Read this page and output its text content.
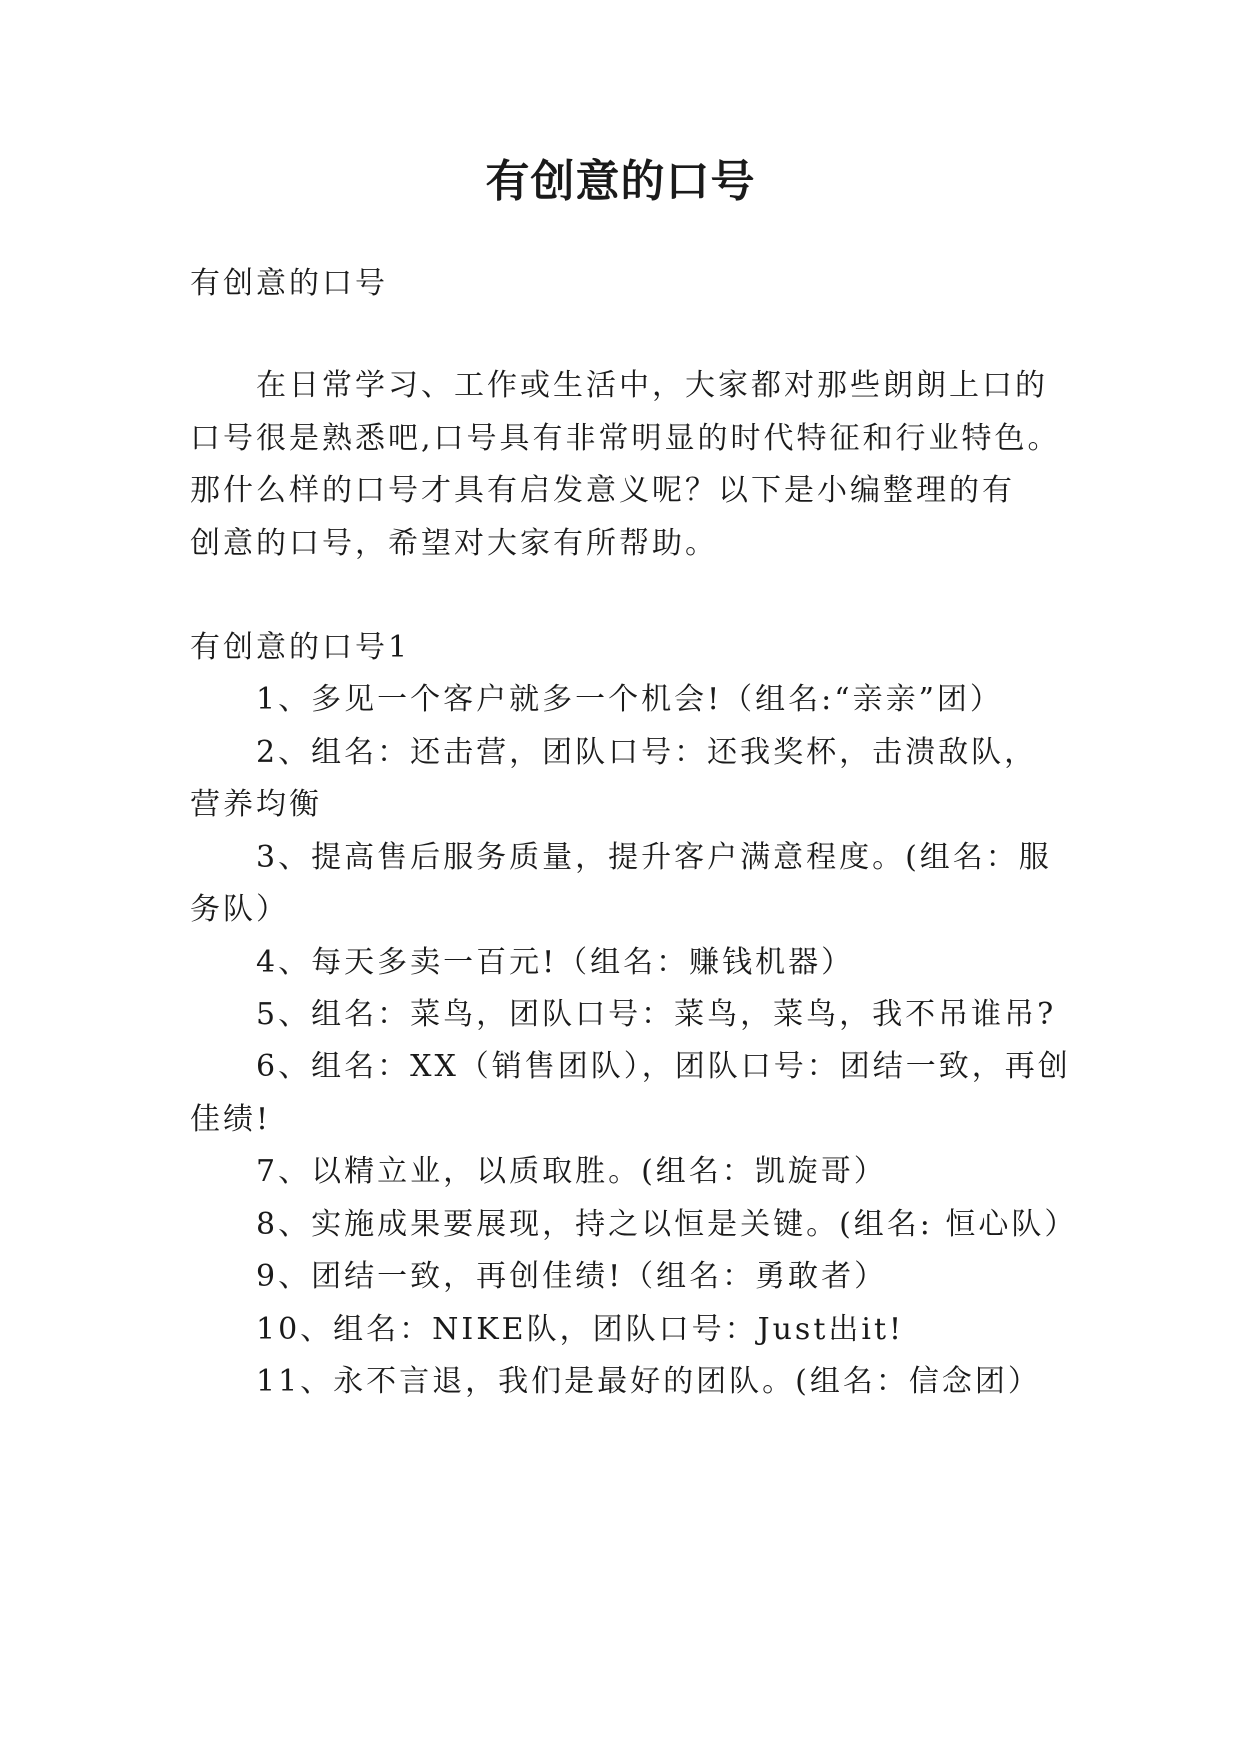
有创意的口号

有创意的口号

在日常学习、工作或生活中，大家都对那些朗朗上口的

口号很是熟悉吧,口号具有非常明显的时代特征和行业特色。

那什么样的口号才具有启发意义呢？以下是小编整理的有

创意的口号，希望对大家有所帮助。

有创意的口号1

1、多见一个客户就多一个机会!（组名:“亲亲”团）

2、组名：还击营，团队口号：还我奖杯，击溃敌队，

营养均衡

3、提高售后服务质量，提升客户满意程度。(组名：服

务队）

4、每天多卖一百元!（组名：赚钱机器）

5、组名：菜鸟，团队口号：菜鸟，菜鸟，我不吊谁吊?

6、组名：XX（销售团队），团队口号：团结一致，再创

佳绩!

7、以精立业，以质取胜。(组名：凯旋哥）

8、实施成果要展现，持之以恒是关键。(组名: 恒心队）

9、团结一致，再创佳绩!（组名：勇敢者）

10、组名：NIKE队，团队口号：Just出it!

11、永不言退，我们是最好的团队。(组名：信念团）
